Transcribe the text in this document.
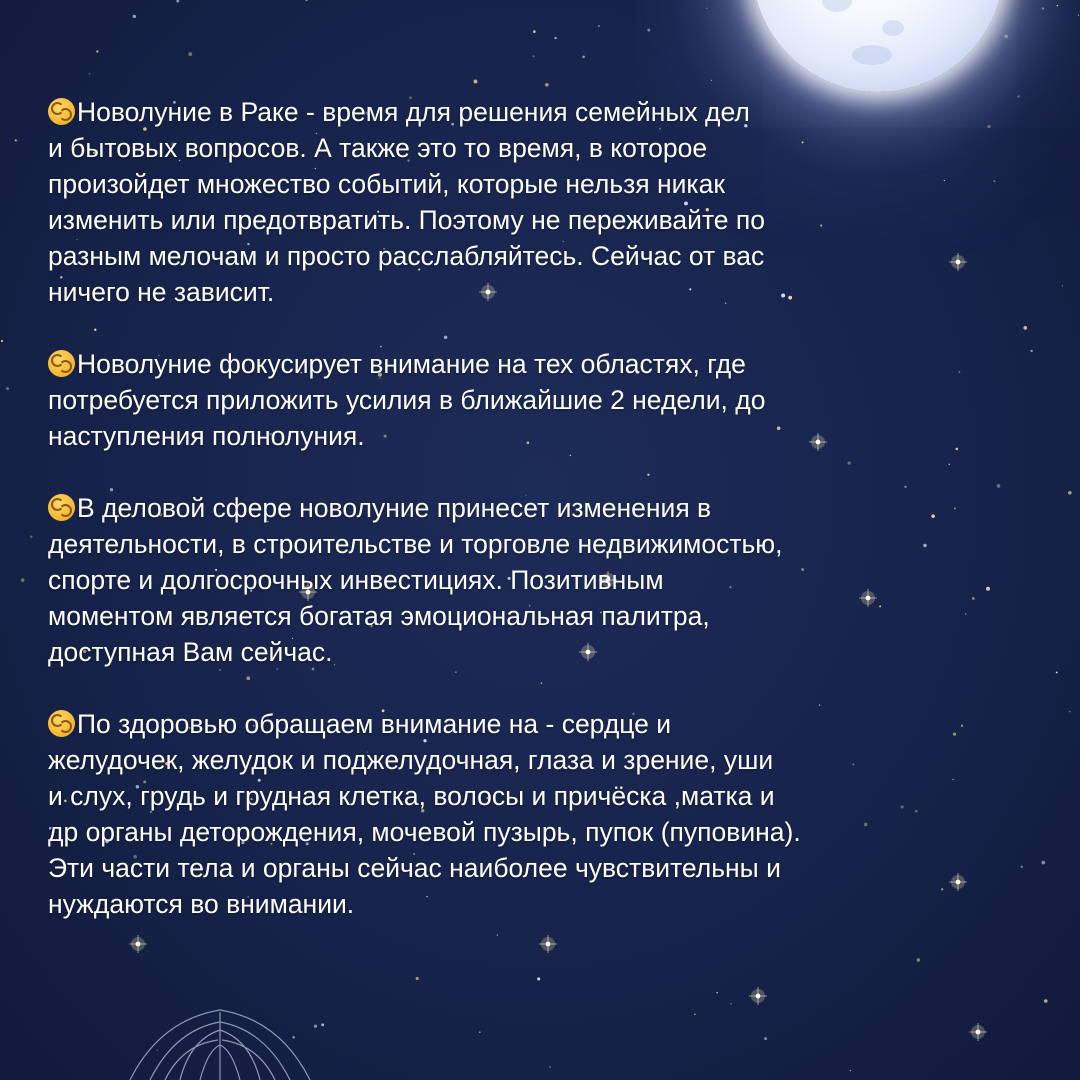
Новолуние в Раке - время для решения семейных дел
и бытовых вопросов. А также это то время, в которое
произойдет множество событий, которые нельзя никак
изменить или предотвратить. Поэтому не переживайте по
разным мелочам и просто расслабляйтесь. Сейчас от вас
ничего не зависит.
Новолуние фокусирует внимание на тех областях, где
потребуется приложить усилия в ближайшие 2 недели, до
наступления полнолуния.
В деловой сфере новолуние принесет изменения в
деятельности, в строительстве и торговле недвижимостью,
спорте и долгосрочных инвестициях. Позитивным
моментом является богатая эмоциональная палитра,
доступная Вам сейчас.
По здоровью обращаем внимание на - сердце и
желудочек, желудок и поджелудочная, глаза и зрение, уши
и слух, грудь и грудная клетка, волосы и причёска ,матка и
др органы деторождения, мочевой пузырь, пупок (пуповина).
Эти части тела и органы сейчас наиболее чувствительны и
нуждаются во внимании.
